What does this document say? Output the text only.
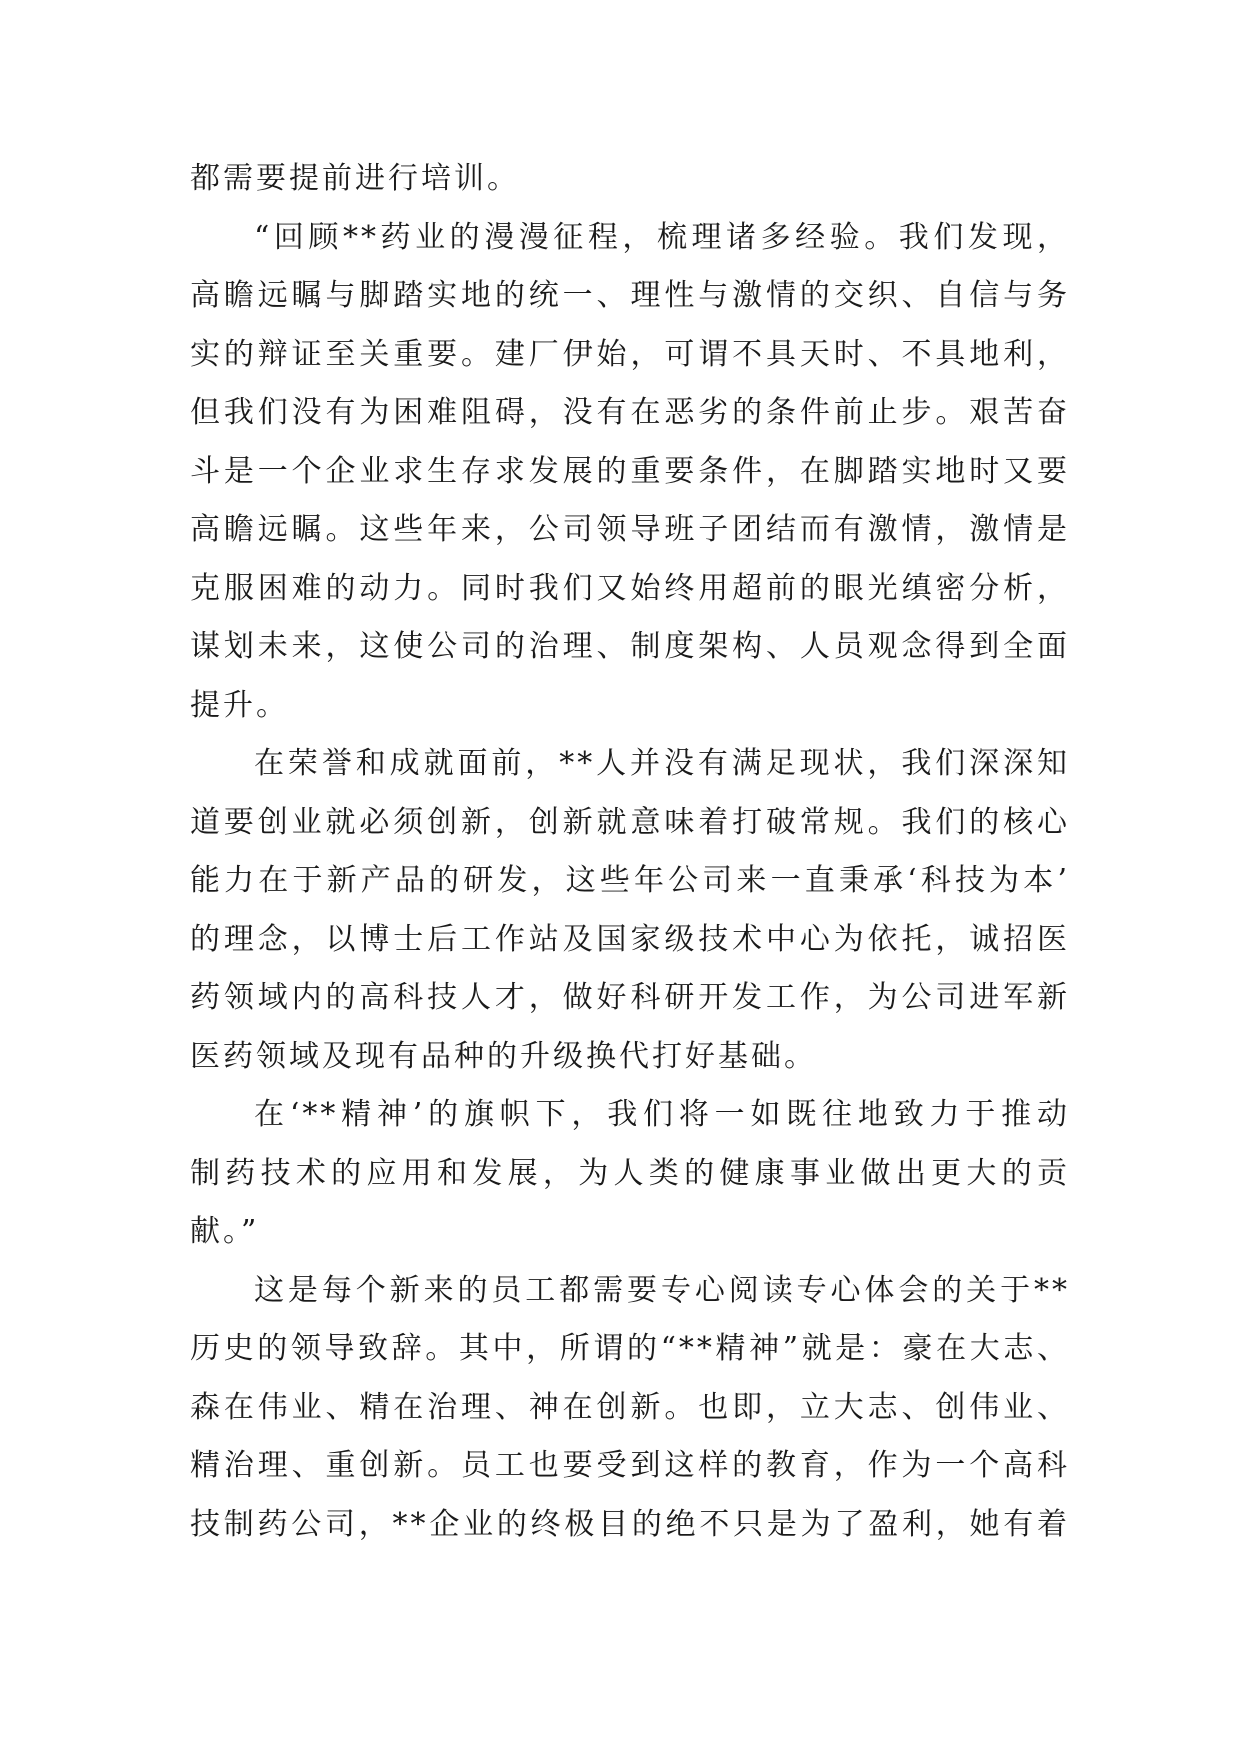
都需要提前进行培训。
“回顾**药业的漫漫征程，梳理诸多经验。我们发现，
高瞻远瞩与脚踏实地的统一、理性与激情的交织、自信与务
实的辩证至关重要。建厂伊始，可谓不具天时、不具地利，
但我们没有为困难阻碍，没有在恶劣的条件前止步。艰苦奋
斗是一个企业求生存求发展的重要条件，在脚踏实地时又要
高瞻远瞩。这些年来，公司领导班子团结而有激情，激情是
克服困难的动力。同时我们又始终用超前的眼光缜密分析，
谋划未来，这使公司的治理、制度架构、人员观念得到全面
提升。
在荣誉和成就面前，**人并没有满足现状，我们深深知
道要创业就必须创新，创新就意味着打破常规。我们的核心
能力在于新产品的研发，这些年公司来一直秉承‘科技为本’
的理念，以博士后工作站及国家级技术中心为依托，诚招医
药领域内的高科技人才，做好科研开发工作，为公司进军新
医药领域及现有品种的升级换代打好基础。
在‘**精神’的旗帜下，我们将一如既往地致力于推动
制药技术的应用和发展，为人类的健康事业做出更大的贡
献。”
这是每个新来的员工都需要专心阅读专心体会的关于**
历史的领导致辞。其中，所谓的“**精神”就是：豪在大志、
森在伟业、精在治理、神在创新。也即，立大志、创伟业、
精治理、重创新。员工也要受到这样的教育，作为一个高科
技制药公司，**企业的终极目的绝不只是为了盈利，她有着
